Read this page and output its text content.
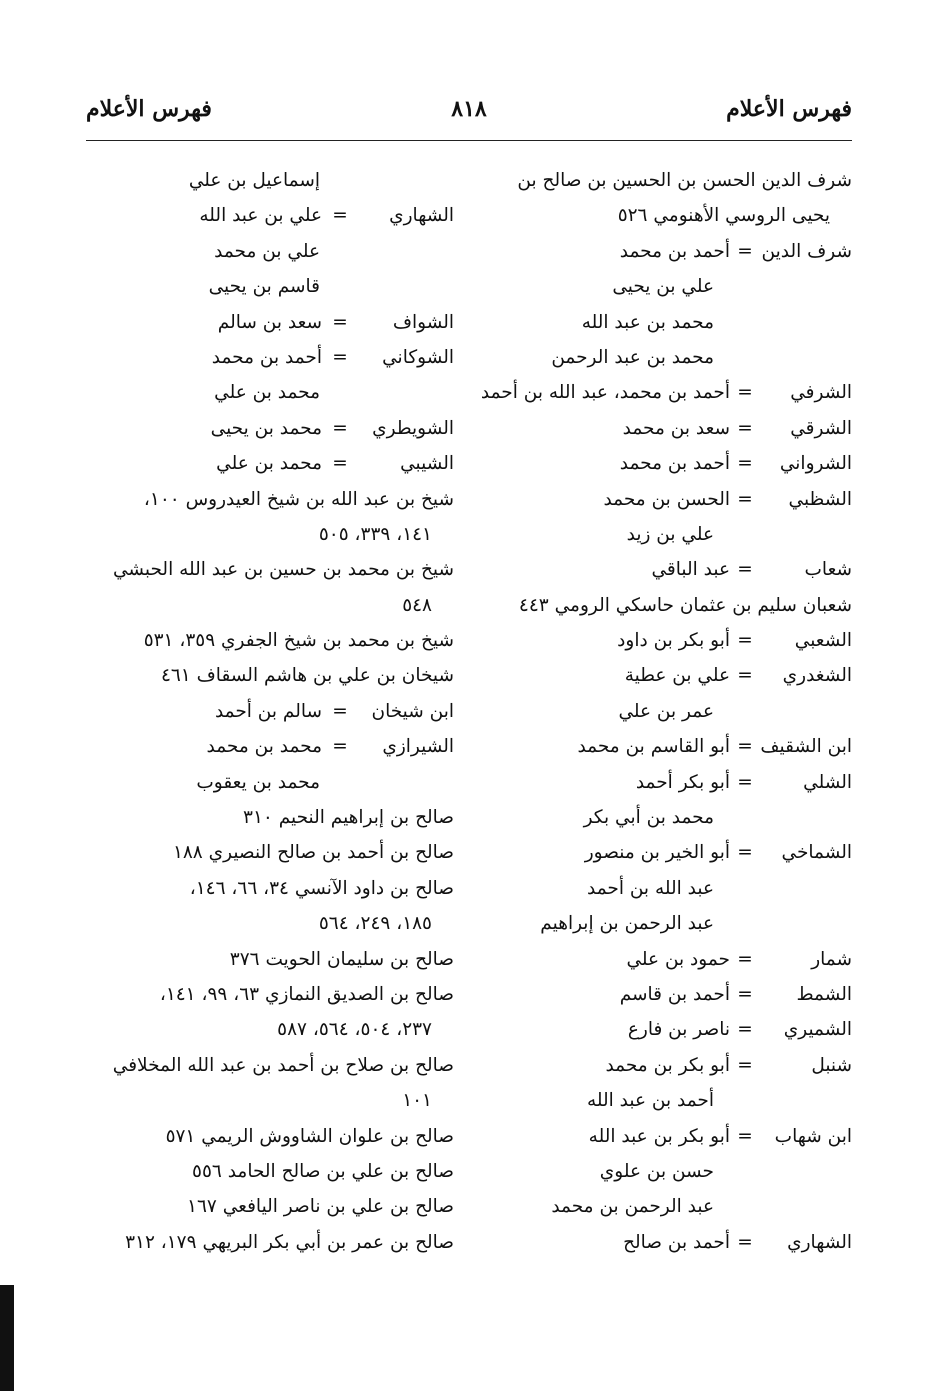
فهرس الأعلام
٨١٨
فهرس الأعلام
شرف الدين الحسن بن الحسين بن صالح بن
يحيى الروسي الأهنومي ٥٢٦
شرف الدين=أحمد بن محمد
علي بن يحيى
محمد بن عبد الله
محمد بن عبد الرحمن
الشرفي=أحمد بن محمد، عبد الله بن أحمد
الشرقي=سعد بن محمد
الشرواني=أحمد بن محمد
الشظبي=الحسن بن محمد
علي بن زيد
شعاب=عبد الباقي
شعبان سليم بن عثمان حاسكي الرومي ٤٤٣
الشعبي=أبو بكر بن داود
الشغدري=علي بن عطية
عمر بن علي
ابن الشقيف=أبو القاسم بن محمد
الشلي=أبو بكر أحمد
محمد بن أبي بكر
الشماخي=أبو الخير بن منصور
عبد الله بن أحمد
عبد الرحمن بن إبراهيم
شمار=حمود بن علي
الشمط=أحمد بن قاسم
الشميري=ناصر بن فارع
شنبل=أبو بكر بن محمد
أحمد بن عبد الله
ابن شهاب=أبو بكر بن عبد الله
حسن بن علوي
عبد الرحمن بن محمد
الشهاري=أحمد بن صالح
إسماعيل بن علي
الشهاري=علي بن عبد الله
علي بن محمد
قاسم بن يحيى
الشواف=سعد بن سالم
الشوكاني=أحمد بن محمد
محمد بن علي
الشويطري=محمد بن يحيى
الشيبي=محمد بن علي
شيخ بن عبد الله بن شيخ العيدروس ١٠٠،
١٤١، ٣٣٩، ٥٠٥
شيخ بن محمد بن حسين بن عبد الله الحبشي
٥٤٨
شيخ بن محمد بن شيخ الجفري ٣٥٩، ٥٣١
شيخان بن علي بن هاشم السقاف ٤٦١
ابن شيخان=سالم بن أحمد
الشيرازي=محمد بن محمد
محمد بن يعقوب
صالح بن إبراهيم النحيم ٣١٠
صالح بن أحمد بن صالح النصيري ١٨٨
صالح بن داود الآنسي ٣٤، ٦٦، ١٤٦،
١٨٥، ٢٤٩، ٥٦٤
صالح بن سليمان الحويت ٣٧٦
صالح بن الصديق النمازي ٦٣، ٩٩، ١٤١،
٢٣٧، ٥٠٤، ٥٦٤، ٥٨٧
صالح بن صلاح بن أحمد بن عبد الله المخلافي
١٠١
صالح بن علوان الشاووش الريمي ٥٧١
صالح بن علي بن صالح الحامد ٥٥٦
صالح بن علي بن ناصر اليافعي ١٦٧
صالح بن عمر بن أبي بكر البريهي ١٧٩، ٣١٢
